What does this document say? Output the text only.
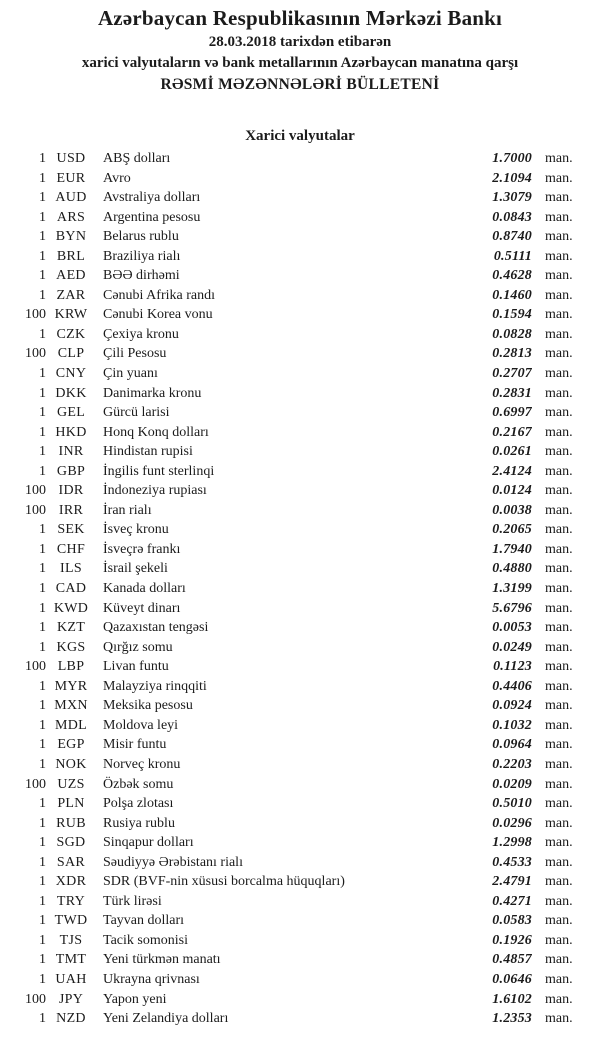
Azərbaycan Respublikasının Mərkəzi Bankı
28.03.2018 tarixdən etibarən
xarici valyutaların və bank metallarının Azərbaycan manatına qarşı
RƏSMİ MƏZƏNNƏLƏRİ BÜLLETENİ
Xarici valyutalar
1	USD	ABŞ dolları	1.7000	man.
1	EUR	Avro	2.1094	man.
1	AUD	Avstraliya dolları	1.3079	man.
1	ARS	Argentina pesosu	0.0843	man.
1	BYN	Belarus rublu	0.8740	man.
1	BRL	Braziliya rialı	0.5111	man.
1	AED	BƏƏ dirhəmi	0.4628	man.
1	ZAR	Cənubi Afrika randı	0.1460	man.
100	KRW	Cənubi Korea vonu	0.1594	man.
1	CZK	Çexiya kronu	0.0828	man.
100	CLP	Çili Pesosu	0.2813	man.
1	CNY	Çin yuanı	0.2707	man.
1	DKK	Danimarka kronu	0.2831	man.
1	GEL	Gürcü larisi	0.6997	man.
1	HKD	Honq Konq dolları	0.2167	man.
1	INR	Hindistan rupisi	0.0261	man.
1	GBP	İngilis funt sterlinqi	2.4124	man.
100	IDR	İndoneziya rupiası	0.0124	man.
100	IRR	İran rialı	0.0038	man.
1	SEK	İsveç kronu	0.2065	man.
1	CHF	İsveçrə frankı	1.7940	man.
1	ILS	İsrail şekeli	0.4880	man.
1	CAD	Kanada dolları	1.3199	man.
1	KWD	Küveyt dinarı	5.6796	man.
1	KZT	Qazaxıstan tengəsi	0.0053	man.
1	KGS	Qırğız somu	0.0249	man.
100	LBP	Livan funtu	0.1123	man.
1	MYR	Malayziya rinqqiti	0.4406	man.
1	MXN	Meksika pesosu	0.0924	man.
1	MDL	Moldova leyi	0.1032	man.
1	EGP	Misir funtu	0.0964	man.
1	NOK	Norveç kronu	0.2203	man.
100	UZS	Özbək somu	0.0209	man.
1	PLN	Polşa zlotası	0.5010	man.
1	RUB	Rusiya rublu	0.0296	man.
1	SGD	Sinqapur dolları	1.2998	man.
1	SAR	Səudiyyə Ərəbistanı rialı	0.4533	man.
1	XDR	SDR (BVF-nin xüsusi borcalma hüquqları)	2.4791	man.
1	TRY	Türk lirəsi	0.4271	man.
1	TWD	Tayvan dolları	0.0583	man.
1	TJS	Tacik somonisi	0.1926	man.
1	TMT	Yeni türkmən manatı	0.4857	man.
1	UAH	Ukrayna qrivnası	0.0646	man.
100	JPY	Yapon yeni	1.6102	man.
1	NZD	Yeni Zelandiya dolları	1.2353	man.
